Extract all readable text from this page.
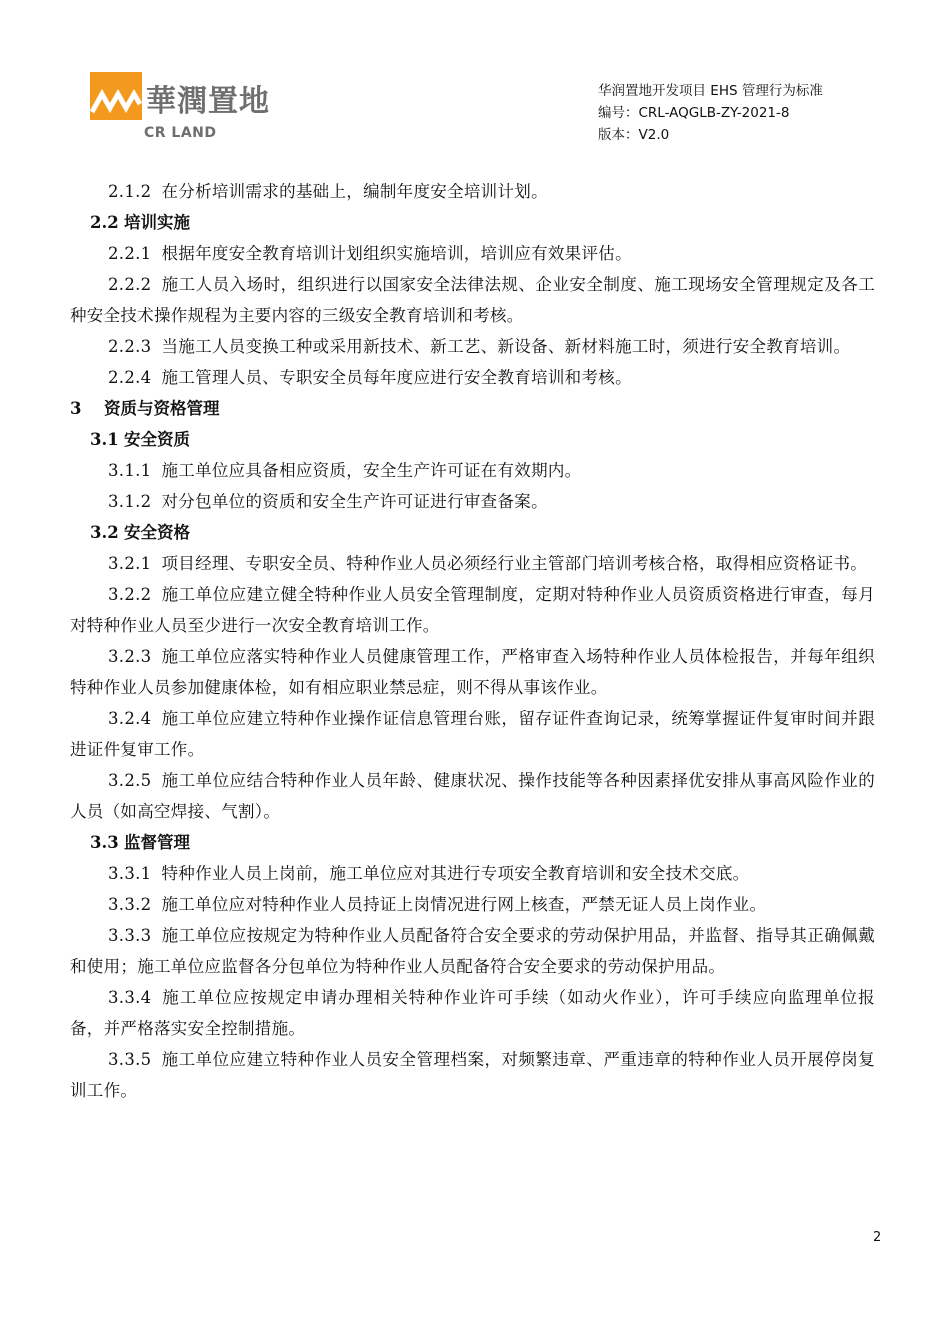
華潤置地
CR LAND
华润置地开发项目 EHS 管理行为标准
编号：CRL-AQGLB-ZY-2021-8
版本：V2.0

2.1.2 在分析培训需求的基础上，编制年度安全培训计划。

2.2 培训实施

2.2.1 根据年度安全教育培训计划组织实施培训，培训应有效果评估。

2.2.2 施工人员入场时，组织进行以国家安全法律法规、企业安全制度、施工现场安全管理规定及各工种安全技术操作规程为主要内容的三级安全教育培训和考核。

2.2.3 当施工人员变换工种或采用新技术、新工艺、新设备、新材料施工时，须进行安全教育培训。

2.2.4 施工管理人员、专职安全员每年度应进行安全教育培训和考核。

3 资质与资格管理

3.1 安全资质

3.1.1 施工单位应具备相应资质，安全生产许可证在有效期内。

3.1.2 对分包单位的资质和安全生产许可证进行审查备案。

3.2 安全资格

3.2.1 项目经理、专职安全员、特种作业人员必须经行业主管部门培训考核合格，取得相应资格证书。

3.2.2 施工单位应建立健全特种作业人员安全管理制度，定期对特种作业人员资质资格进行审查，每月对特种作业人员至少进行一次安全教育培训工作。

3.2.3 施工单位应落实特种作业人员健康管理工作，严格审查入场特种作业人员体检报告，并每年组织特种作业人员参加健康体检，如有相应职业禁忌症，则不得从事该作业。

3.2.4 施工单位应建立特种作业操作证信息管理台账，留存证件查询记录，统筹掌握证件复审时间并跟进证件复审工作。

3.2.5 施工单位应结合特种作业人员年龄、健康状况、操作技能等各种因素择优安排从事高风险作业的人员（如高空焊接、气割）。

3.3 监督管理

3.3.1 特种作业人员上岗前，施工单位应对其进行专项安全教育培训和安全技术交底。

3.3.2 施工单位应对特种作业人员持证上岗情况进行网上核查，严禁无证人员上岗作业。

3.3.3 施工单位应按规定为特种作业人员配备符合安全要求的劳动保护用品，并监督、指导其正确佩戴和使用；施工单位应监督各分包单位为特种作业人员配备符合安全要求的劳动保护用品。

3.3.4 施工单位应按规定申请办理相关特种作业许可手续（如动火作业），许可手续应向监理单位报备，并严格落实安全控制措施。

3.3.5 施工单位应建立特种作业人员安全管理档案，对频繁违章、严重违章的特种作业人员开展停岗复训工作。

2
